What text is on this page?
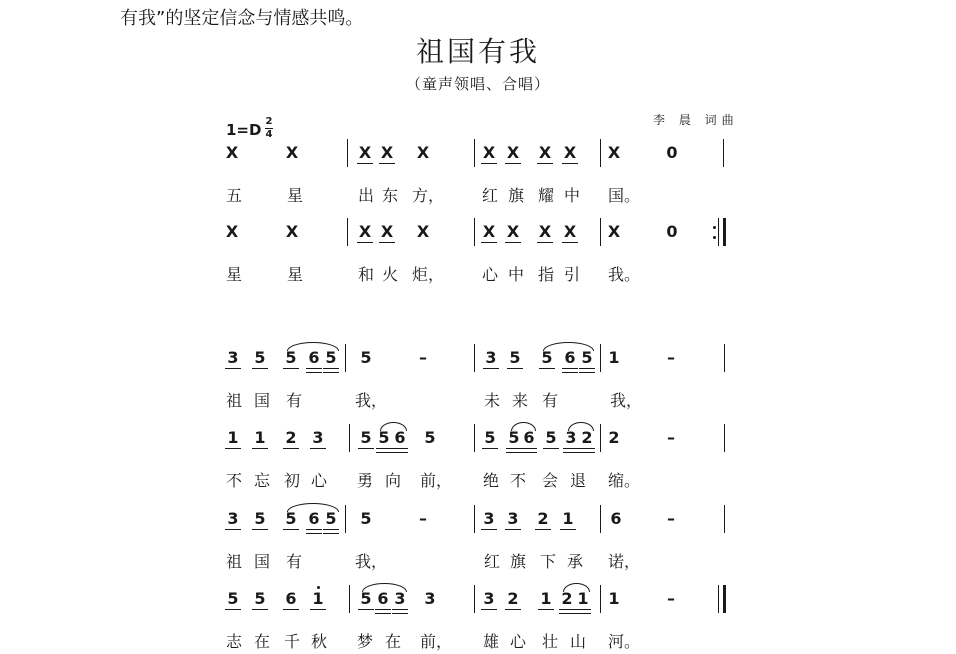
有我”的坚定信念与情感共鸣。
祖国有我
（童声领唱、合唱）
李 晨 词曲
1=D 2
4
X	X	X X X	X X X X X	0
五	星	出 东 方， 红 旗 耀 中 国。
X	X	X X X	X X X X X	0
星	星	和 火 炬， 心 中 指 引 我。
3 5 5 6 5 5	–	3 5 5 6 5 1	–
祖 国 有	我，	未 来 有	我，
1 1 2 3 5 5 6 5	5 5 6 5 3 2 2	–
不 忘 初 心 勇 向 前， 绝 不 会 退 缩。
3 5 5 6 5 5	–	3 3 2 1 6	–
祖 国 有	我，	红 旗 下 承 诺，
5 5 6 1 5 6 3 3	3 2 1 2 1 1	–
志 在 千 秋 梦 在 前， 雄 心 壮 山 河。
